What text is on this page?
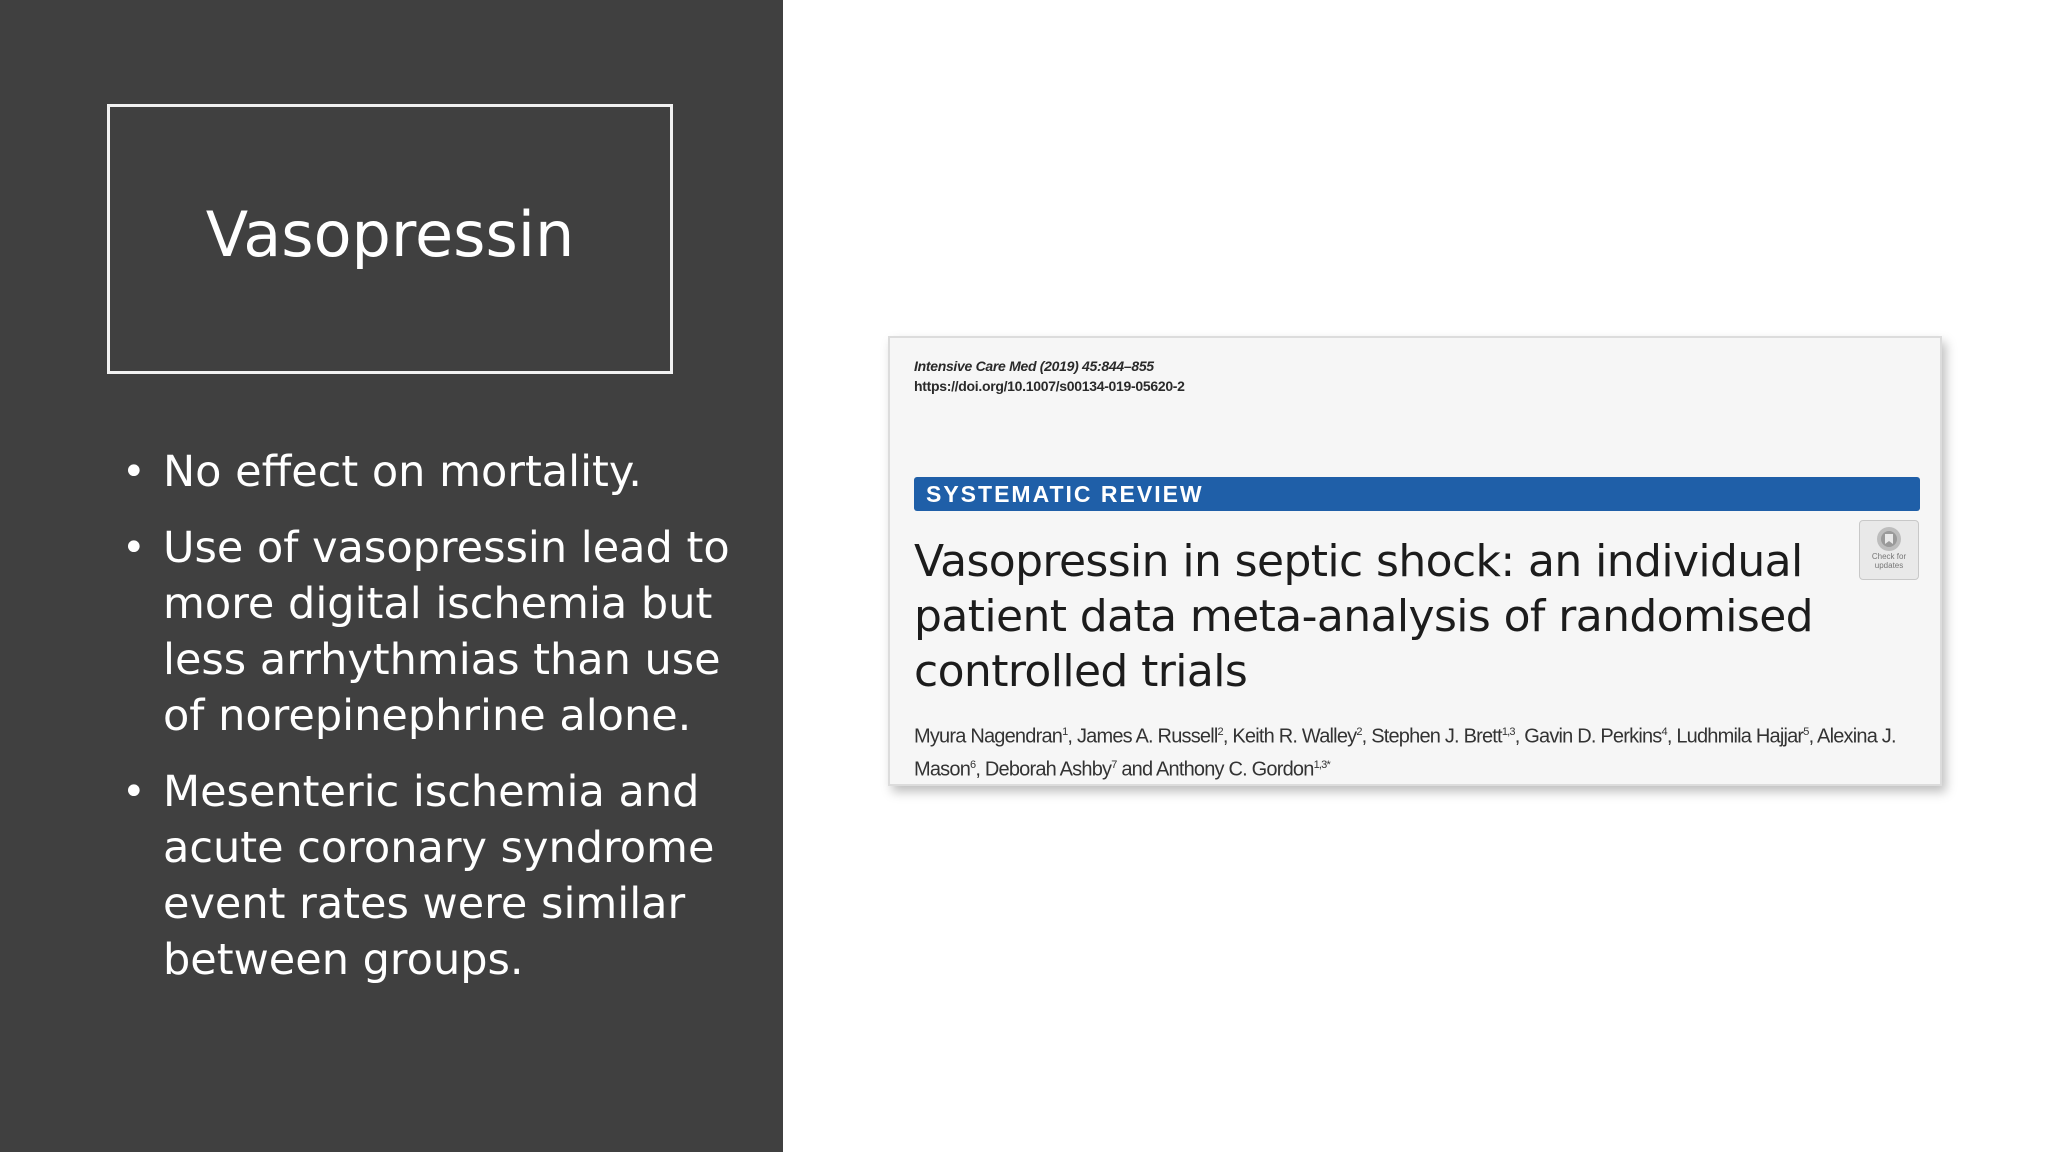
Vasopressin
• No effect on mortality.
• Use of vasopressin lead to more digital ischemia but less arrhythmias than use of norepinephrine alone.
• Mesenteric ischemia and acute coronary syndrome event rates were similar between groups.
Intensive Care Med (2019) 45:844–855
https://doi.org/10.1007/s00134-019-05620-2
SYSTEMATIC REVIEW
Vasopressin in septic shock: an individual patient data meta-analysis of randomised controlled trials
Check for updates
Myura Nagendran$^1$, James A. Russell$^2$, Keith R. Walley$^2$, Stephen J. Brett$^{1,3}$, Gavin D. Perkins$^4$, Ludhmila Hajjar$^5$, Alexina J. Mason$^6$, Deborah Ashby$^7$ and Anthony C. Gordon$^{1,3*}$
